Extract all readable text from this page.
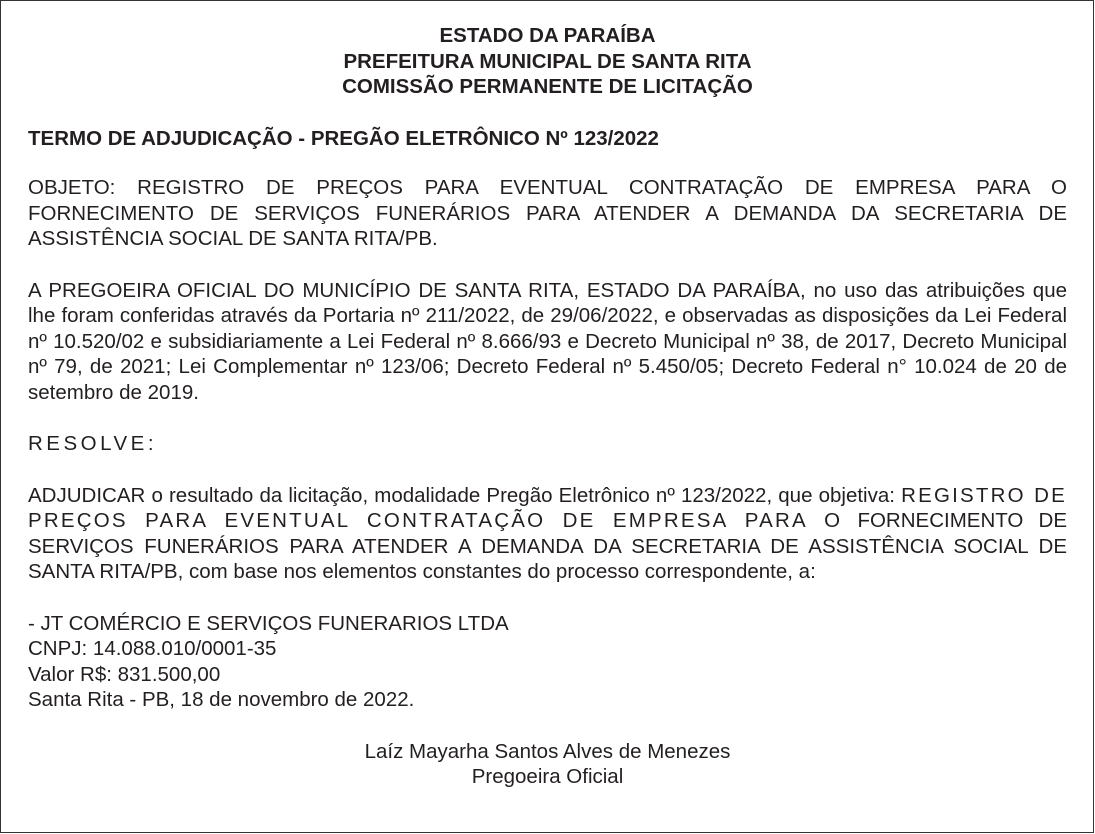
ESTADO DA PARAÍBA
PREFEITURA MUNICIPAL DE SANTA RITA
COMISSÃO PERMANENTE DE LICITAÇÃO
TERMO DE ADJUDICAÇÃO - PREGÃO ELETRÔNICO Nº 123/2022
OBJETO: REGISTRO DE PREÇOS PARA EVENTUAL CONTRATAÇÃO DE EMPRESA PARA O FORNECIMENTO DE SERVIÇOS FUNERÁRIOS PARA ATENDER A DEMANDA DA SECRETARIA DE ASSISTÊNCIA SOCIAL DE SANTA RITA/PB.
A PREGOEIRA OFICIAL DO MUNICÍPIO DE SANTA RITA, ESTADO DA PARAÍBA, no uso das atribuições que lhe foram conferidas através da Portaria nº 211/2022, de 29/06/2022, e observadas as disposições da Lei Federal nº 10.520/02 e subsidiariamente a Lei Federal nº 8.666/93 e Decreto Municipal nº 38, de 2017, Decreto Municipal nº 79, de 2021; Lei Complementar nº 123/06; Decreto Federal nº 5.450/05; Decreto Federal n° 10.024 de 20 de setembro de 2019.
RESOLVE:
ADJUDICAR o resultado da licitação, modalidade Pregão Eletrônico nº 123/2022, que objetiva: REGISTRO DE PREÇOS PARA EVENTUAL CONTRATAÇÃO DE EMPRESA PARA O FORNECIMENTO DE SERVIÇOS FUNERÁRIOS PARA ATENDER A DEMANDA DA SECRETARIA DE ASSISTÊNCIA SOCIAL DE SANTA RITA/PB, com base nos elementos constantes do processo correspondente, a:
- JT COMÉRCIO E SERVIÇOS FUNERARIOS LTDA
CNPJ: 14.088.010/0001-35
Valor R$: 831.500,00
Santa Rita - PB, 18 de novembro de 2022.
Laíz Mayarha Santos Alves de Menezes
Pregoeira Oficial
